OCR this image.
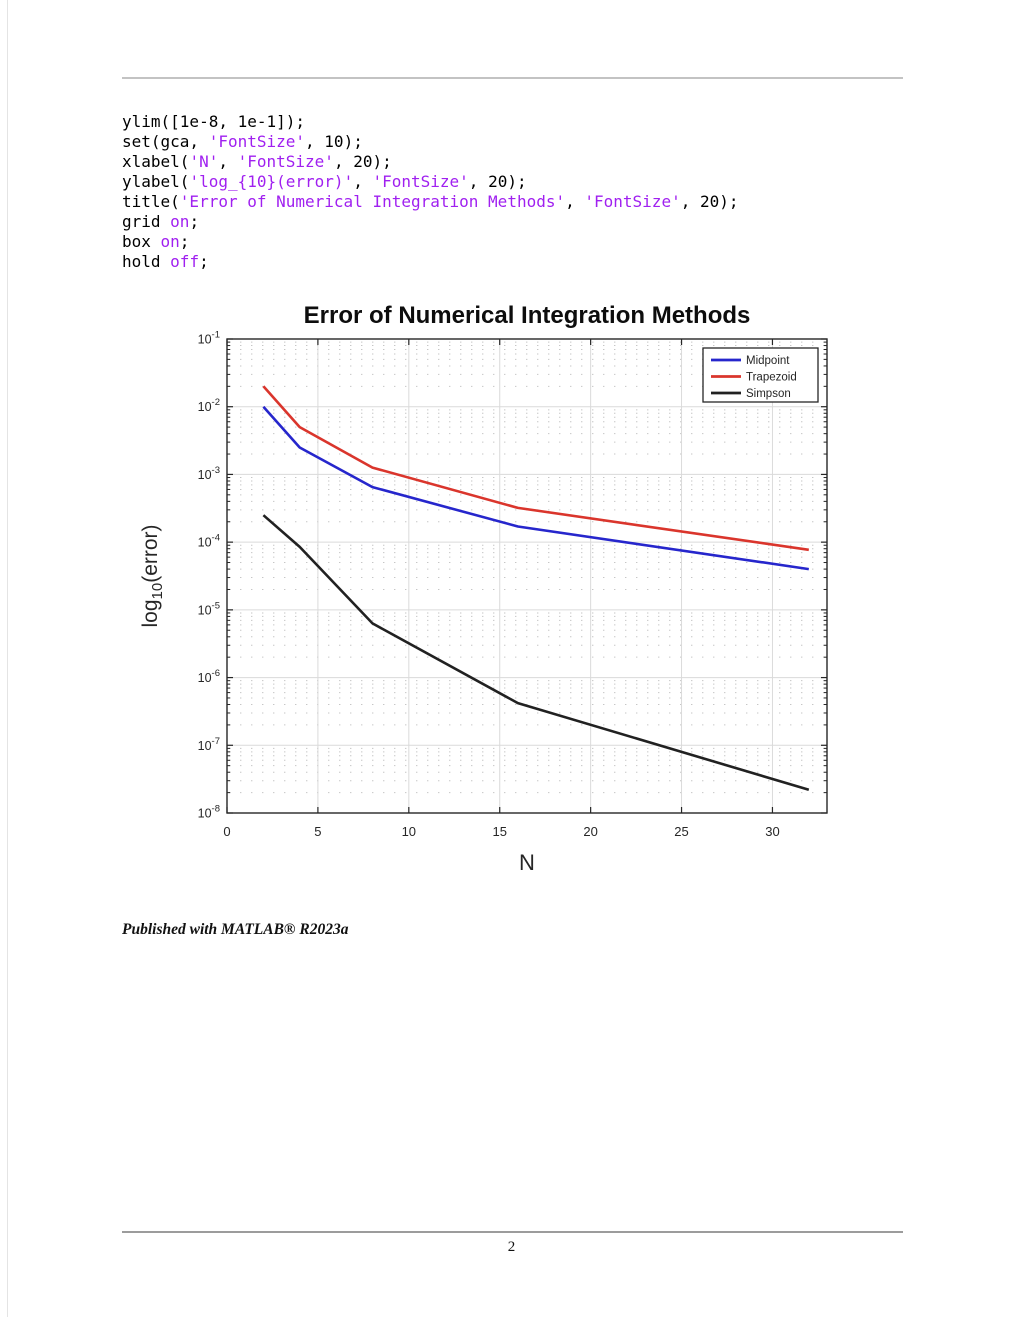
ylim([1e-8, 1e-1]);
set(gca, 'FontSize', 10);
xlabel('N', 'FontSize', 20);
ylabel('log_{10}(error)', 'FontSize', 20);
title('Error of Numerical Integration Methods', 'FontSize', 20);
grid on;
box on;
hold off;
0	5	10	15	20	25	30
$10^{-1}$
$10^{-2}$
$10^{-3}$
$10^{-4}$
$10^{-5}$
$10^{-6}$
$10^{-7}$
$10^{-8}$
Error of Numerical Integration Methods
N
$\log_{10}(error)$
Midpoint
Trapezoid
Simpson

Published with MATLAB® R2023a

2
